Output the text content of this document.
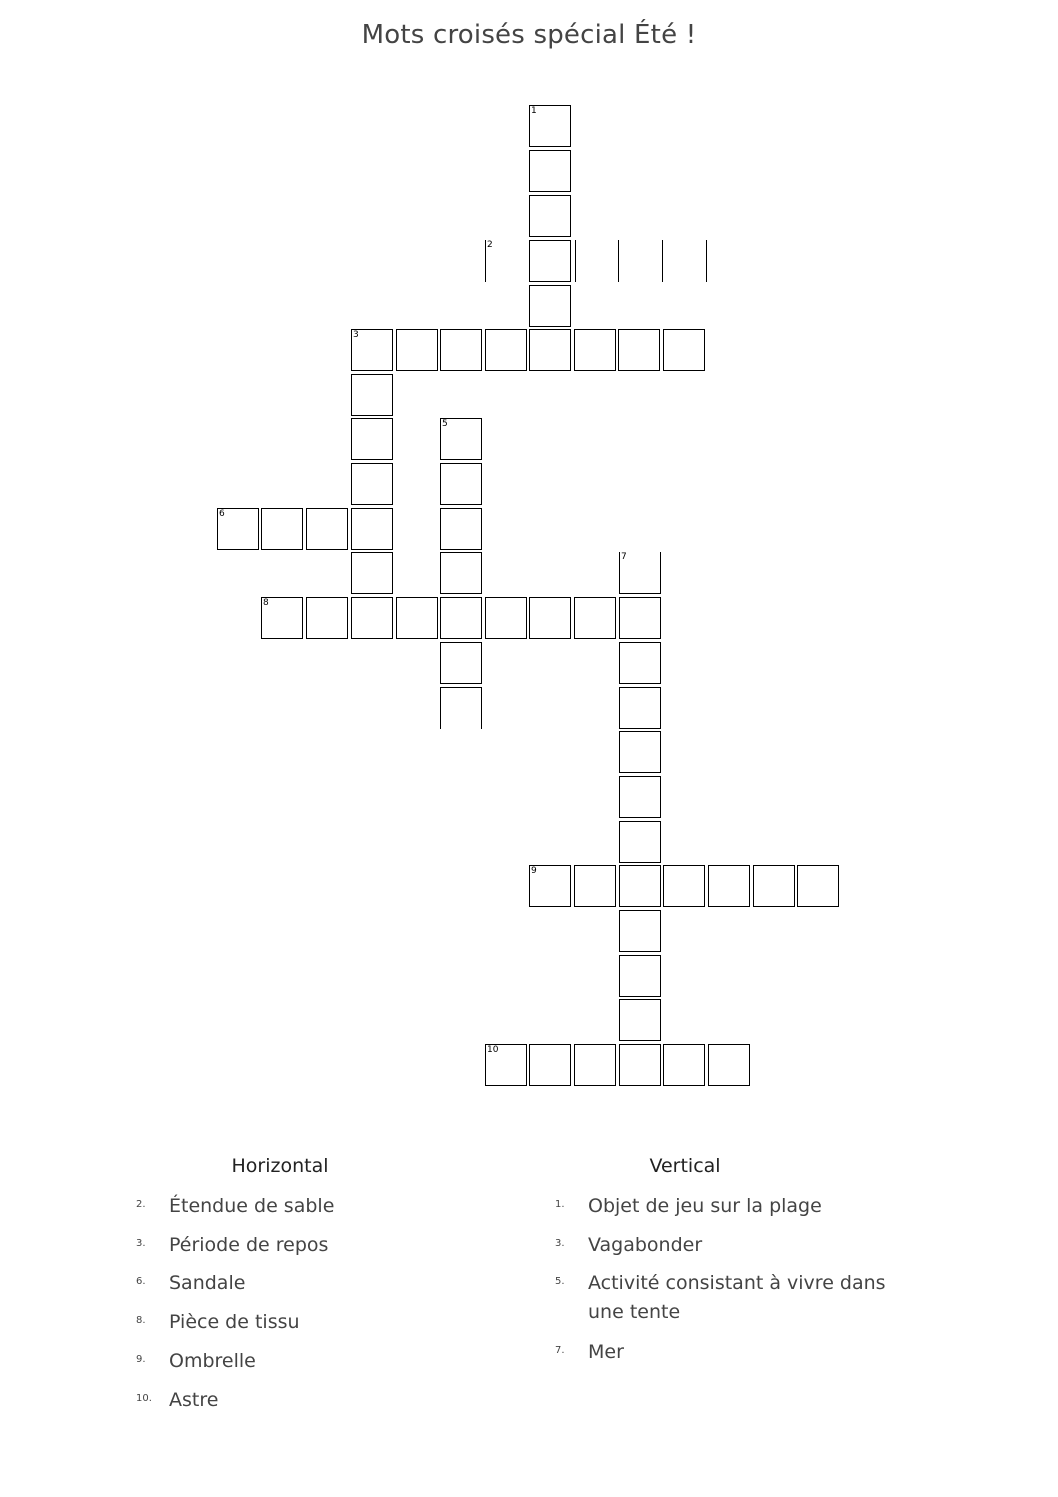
Mots croisés spécial Été !
1
2
3
5
6
7
8
9
10
Horizontal	Vertical
2. Étendue de sable
3. Période de repos
6. Sandale
8. Pièce de tissu
9. Ombrelle
10. Astre
1. Objet de jeu sur la plage
3. Vagabonder
5. Activité consistant à vivre dans une tente
7. Mer
